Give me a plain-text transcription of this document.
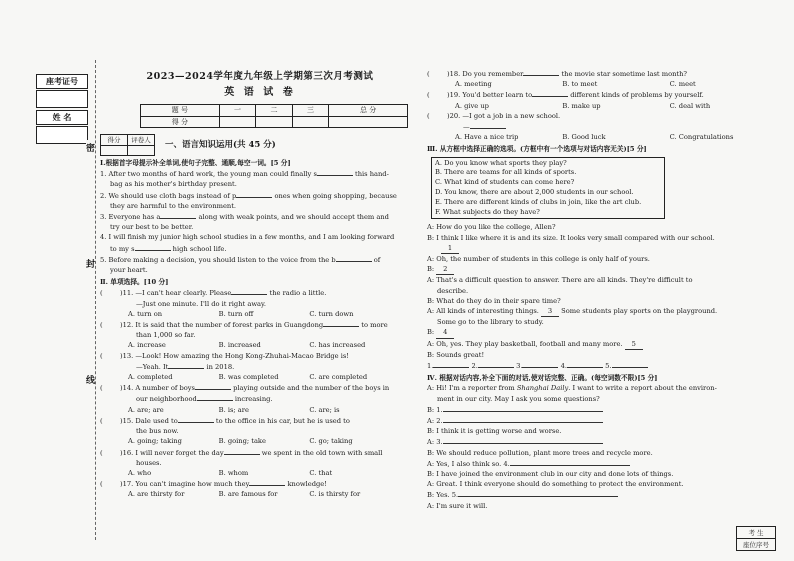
座考证号
姓 名
密
封
线
2023—2024学年度九年级上学期第三次月考测试
英 语 试 卷
题 号	一	二	三	总 分
得 分				
得分	评卷人
	一、语言知识运用(共 45 分)

Ⅰ.根据首字母提示补全单词,使句子完整、通顺,每空一词。[5 分]

1. After two months of hard work, the young man could finally s	this hand-

bag as his mother's birthday present.

2. We should use cloth bags instead of p	ones when going shopping, because

they are harmful to the environment.

3. Everyone has a	along with weak points, and we should accept them and

try our best to be better.

4. I will finish my junior high school studies in a few months, and I am looking forward

to my s	high school life.

5. Before making a decision, you should listen to the voice from the b	of

your heart.

Ⅱ. 单项选择。[10 分]

(	)11. —I can't hear clearly. Please	the radio a little.

—Just one minute. I'll do it right away.

A. turn on	B. turn off	C. turn down

(	)12. It is said that the number of forest parks in Guangdong	to more

than 1,000 so far.

A. increase	B. increased	C. has increased

(	)13. —Look! How amazing the Hong Kong-Zhuhai-Macao Bridge is!

—Yeah. It	in 2018.

A. completed	B. was completed	C. are completed

(	)14. A number of boys	playing outside and the number of the boys in

our neighborhood	increasing.

A. are; are	B. is; are	C. are; is

(	)15. Dale used to	to the office in his car, but he is used to

the bus now.

A. going; taking	B. going; take	C. go; taking

(	)16. I will never forget the day	we spent in the old town with small

houses.

A. who	B. whom	C. that

(	)17. You can't imagine how much they	knowledge!

A. are thirsty for	B. are famous for	C. is thirsty for

(	)18. Do you remember	the movie star sometime last month?

A. meeting	B. to meet	C. meet

(	)19. You'd better learn to	different kinds of problems by yourself.

A. give up	B. make up	C. deal with

(	)20. —I got a job in a new school.

—

A. Have a nice trip	B. Good luck	C. Congratulations

Ⅲ. 从方框中选择正确的选项。(方框中有一个选项与对话内容无关)[5 分]

A. Do you know what sports they play?
B. There are teams for all kinds of sports.
C. What kind of students can come here?
D. You know, there are about 2,000 students in our school.
E. There are different kinds of clubs in join, like the art club.
F. What subjects do they have?

A: How do you like the college, Allen?

B: I think I like where it is and its size. It looks very small compared with our school.

1

A: Oh, the number of students in this college is only half of yours.

B: 2

A: That's a difficult question to answer. There are all kinds. They're difficult to

describe.

B: What do they do in their spare time?

A: All kinds of interesting things. 3 Some students play sports on the playground.

Some go to the library to study.

B: 4

A: Oh, yes. They play basketball, football and many more. 5

B: Sounds great!

1.	2.	3.	4.	5.

Ⅳ. 根据对话内容,补全下面的对话,使对话完整、正确。(每空词数不限)[5 分]

A: Hi! I'm a reporter from Shanghai Daily. I want to write a report about the environ-

ment in our city. May I ask you some questions?

B: 1.

A: 2.

B: I think it is getting worse and worse.

A: 3.

B: We should reduce pollution, plant more trees and recycle more.

A: Yes, I also think so. 4.

B: I have joined the environment club in our city and done lots of things.

A: Great. I think everyone should do something to protect the environment.

B: Yes. 5.

A: I'm sure it will.

考 生
座位序号
